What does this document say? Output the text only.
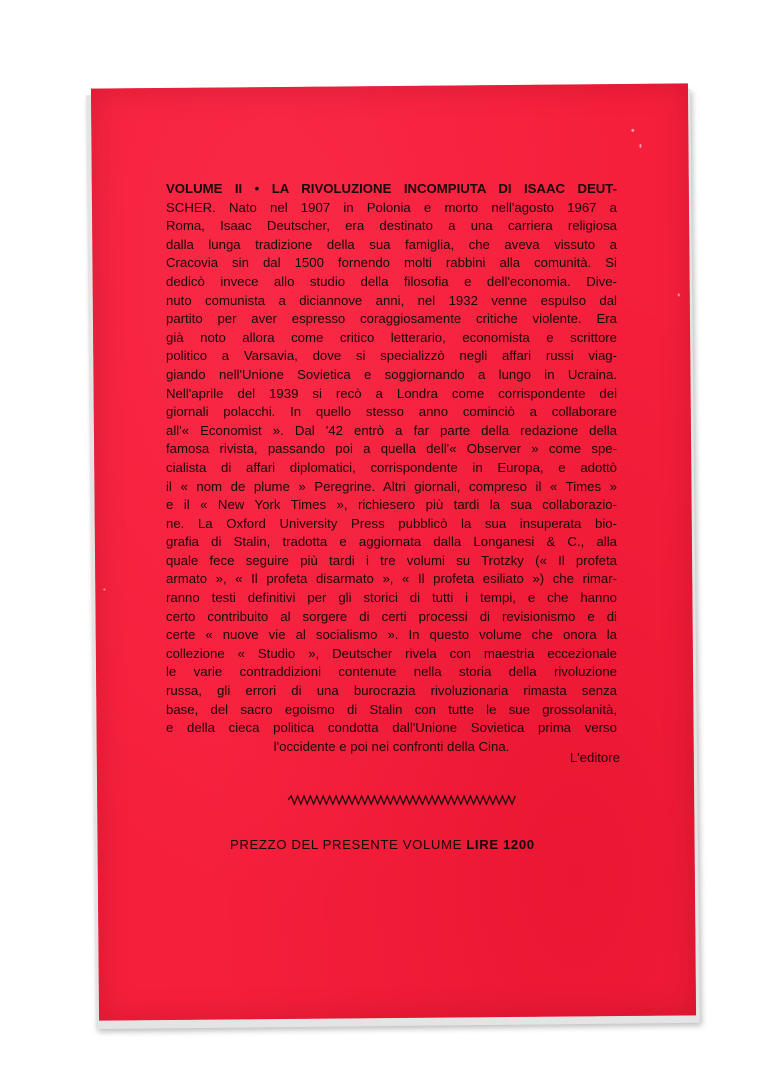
VOLUME II • LA RIVOLUZIONE INCOMPIUTA DI ISAAC DEUT-
SCHER. Nato nel 1907 in Polonia e morto nell'agosto 1967 a
Roma, Isaac Deutscher, era destinato a una carriera religiosa
dalla lunga tradizione della sua famiglia, che aveva vissuto a
Cracovia sin dal 1500 fornendo molti rabbini alla comunità. Si
dedicò invece allo studio della filosofia e dell'economia. Dive-
nuto comunista a diciannove anni, nel 1932 venne espulso dal
partito per aver espresso coraggiosamente critiche violente. Era
già noto allora come critico letterario, economista e scrittore
politico a Varsavia, dove si specializzò negli affari russi viag-
giando nell'Unione Sovietica e soggiornando a lungo in Ucraina.
Nell'aprile del 1939 si recò a Londra come corrispondente dei
giornali polacchi. In quello stesso anno cominciò a collaborare
all'« Economist ». Dal '42 entrò a far parte della redazione della
famosa rivista, passando poi a quella dell'« Observer » come spe-
cialista di affari diplomatici, corrispondente in Europa, e adottò
il « nom de plume » Peregrine. Altri giornali, compreso il « Times »
e il « New York Times », richiesero più tardi la sua collaborazio-
ne. La Oxford University Press pubblicò la sua insuperata bio-
grafia di Stalin, tradotta e aggiornata dalla Longanesi & C., alla
quale fece seguire più tardi i tre volumi su Trotzky (« Il profeta
armato », « Il profeta disarmato », « Il profeta esiliato ») che rimar-
ranno testi definitivi per gli storici di tutti i tempi, e che hanno
certo contribuito al sorgere di certi processi di revisionismo e di
certe « nuove vie al socialismo ». In questo volume che onora la
collezione « Studio », Deutscher rivela con maestria eccezionale
le varie contraddizioni contenute nella storia della rivoluzione
russa, gli errori di una burocrazia rivoluzionaria rimasta senza
base, del sacro egoismo di Stalin con tutte le sue grossolanità,
e della cieca politica condotta dall'Unione Sovietica prima verso
l'occidente e poi nei confronti della Cina.
L'editore
PREZZO DEL PRESENTE VOLUME LIRE 1200
